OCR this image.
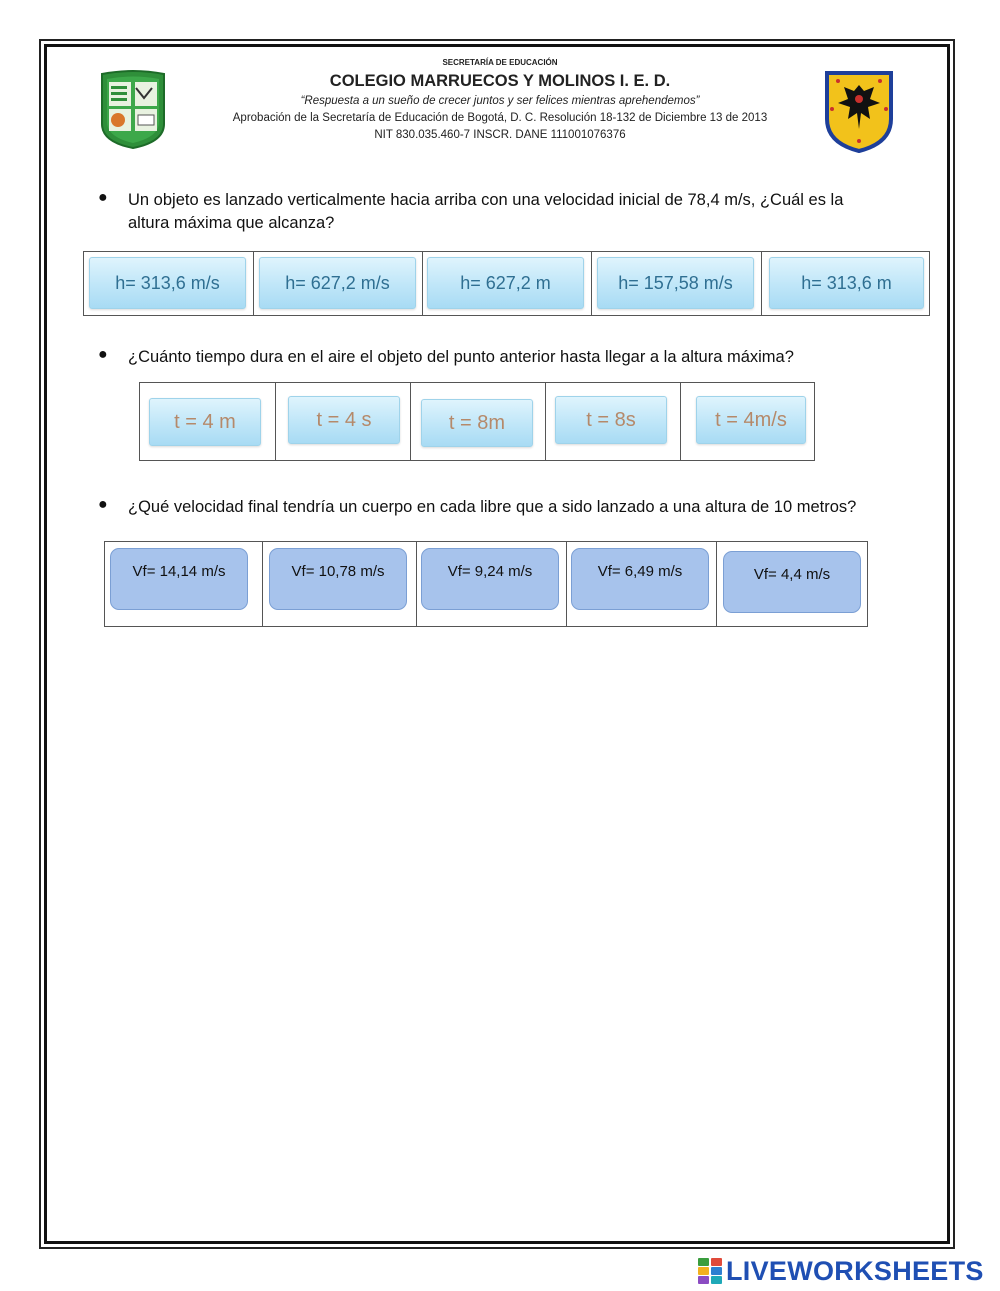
SECRETARÍA DE EDUCACIÓN
COLEGIO MARRUECOS Y MOLINOS I. E. D.
“Respuesta a un sueño de crecer juntos y ser felices mientras aprehendemos”
Aprobación de la Secretaría de Educación de Bogotá, D. C. Resolución 18-132 de Diciembre 13 de 2013
NIT 830.035.460-7 INSCR. DANE 111001076376
● Un objeto es lanzado verticalmente hacia arriba con una velocidad inicial de 78,4 m/s, ¿Cuál es la
altura máxima que alcanza?
h= 313,6 m/s	h= 627,2 m/s	h= 627,2 m	h= 157,58 m/s	h= 313,6 m
● ¿Cuánto tiempo dura en el aire el objeto del punto anterior hasta llegar a la altura máxima?
t = 4 m	t = 4 s	t = 8m	t = 8s	t = 4m/s
● ¿Qué velocidad final tendría un cuerpo en cada libre que a sido lanzado a una altura de 10 metros?
Vf= 14,14 m/s	Vf= 10,78 m/s	Vf= 9,24 m/s	Vf= 6,49 m/s	Vf= 4,4 m/s
LIVEWORKSHEETS
